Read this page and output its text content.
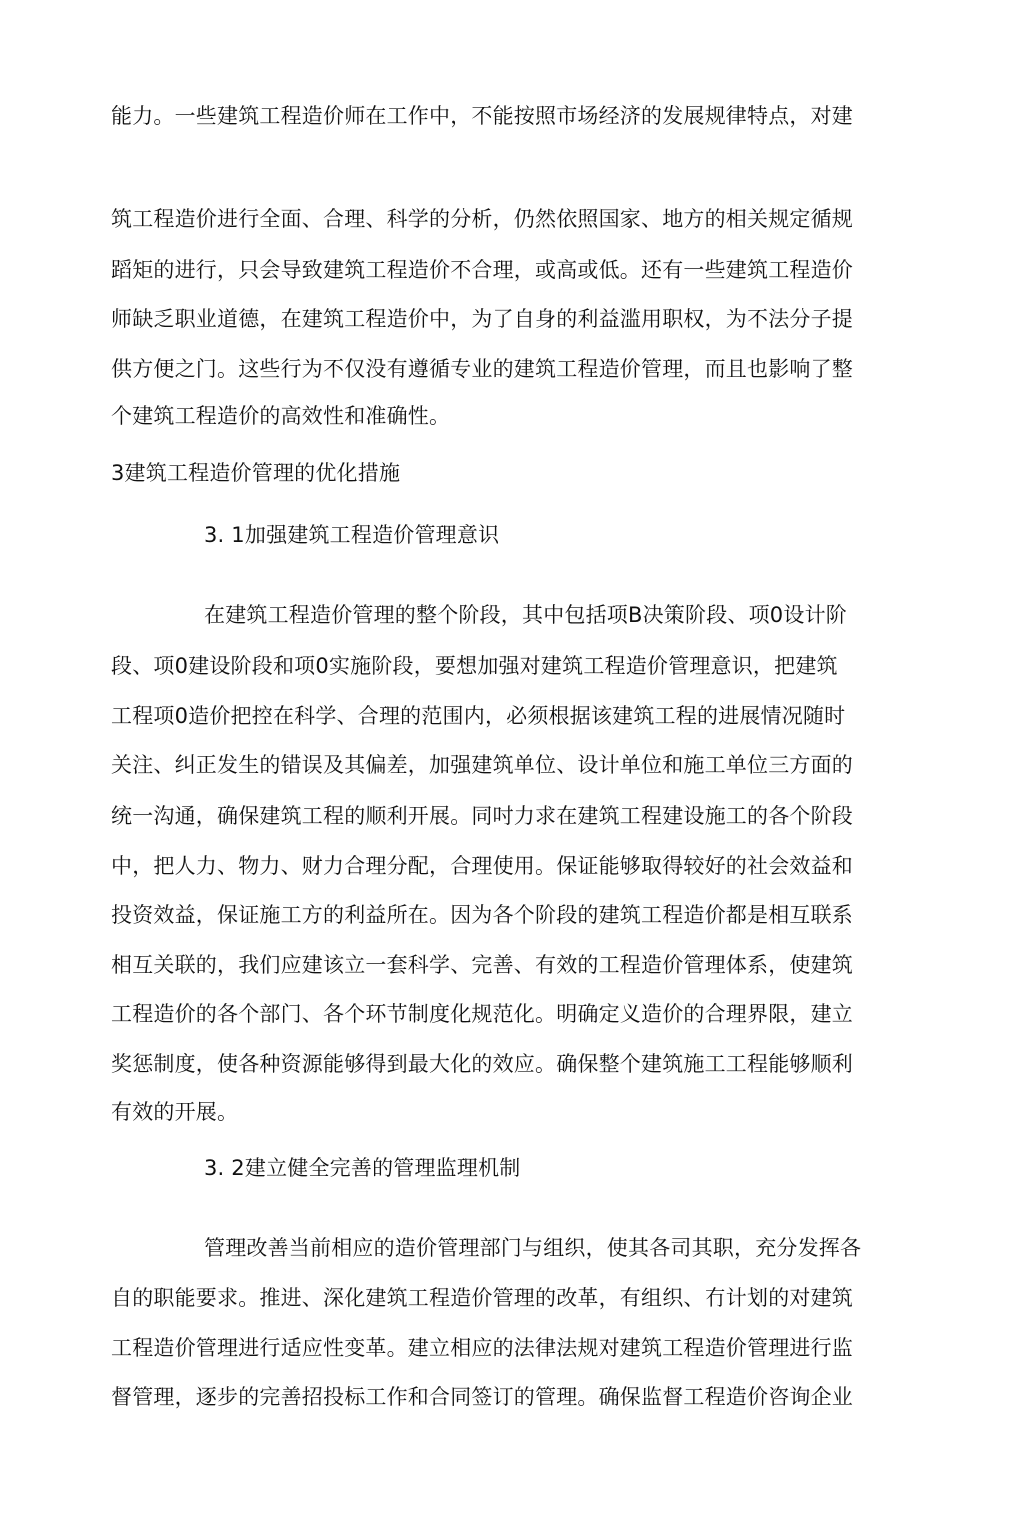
能力。一些建筑工程造价师在工作中，不能按照市场经济的发展规律特点，对建
筑工程造价进行全面、合理、科学的分析，仍然依照国家、地方的相关规定循规
蹈矩的进行，只会导致建筑工程造价不合理，或高或低。还有一些建筑工程造价
师缺乏职业道德，在建筑工程造价中，为了自身的利益滥用职权，为不法分子提
供方便之门。这些行为不仅没有遵循专业的建筑工程造价管理，而且也影响了整
个建筑工程造价的高效性和准确性。
3建筑工程造价管理的优化措施
3. 1加强建筑工程造价管理意识
在建筑工程造价管理的整个阶段，其中包括项B决策阶段、项0设计阶
段、项0建设阶段和项0实施阶段，要想加强对建筑工程造价管理意识，把建筑
工程项0造价把控在科学、合理的范围内，必须根据该建筑工程的进展情况随时
关注、纠正发生的错误及其偏差，加强建筑单位、设计单位和施工单位三方面的
统一沟通，确保建筑工程的顺利开展。同吋力求在建筑工程建设施工的各个阶段
中，把人力、物力、财力合理分配，合理使用。保证能够取得较好的社会效益和
投资效益，保证施工方的利益所在。因为各个阶段的建筑工程造价都是相互联系
相互关联的，我们应建该立一套科学、完善、有效的工程造价管理体系，使建筑
工程造价的各个部门、各个环节制度化规范化。明确定义造价的合理界限，建立
奖惩制度，使各种资源能够得到最大化的效应。确保整个建筑施工工程能够顺利
有效的开展。
3. 2建立健全完善的管理监理机制
管理改善当前相应的造价管理部门与组织，使其各司其职，充分发挥各
自的职能要求。推进、深化建筑工程造价管理的改革，有组织、冇计划的对建筑
工程造价管理进行适应性变革。建立相应的法律法规对建筑工程造价管理进行监
督管理，逐步的完善招投标工作和合同签订的管理。确保监督工程造价咨询企业
